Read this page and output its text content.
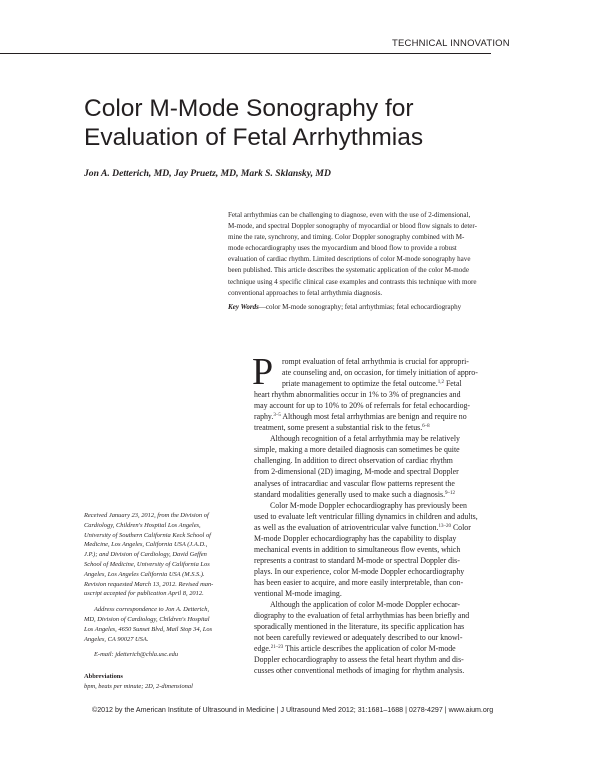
TECHNICAL INNOVATION
Color M-Mode Sonography for
Evaluation of Fetal Arrhythmias
Jon A. Detterich, MD, Jay Pruetz, MD, Mark S. Sklansky, MD
Fetal arrhythmias can be challenging to diagnose, even with the use of 2-dimensional,
M-mode, and spectral Doppler sonography of myocardial or blood flow signals to deter-
mine the rate, synchrony, and timing. Color Doppler sonography combined with M-
mode echocardiography uses the myocardium and blood flow to provide a robust
evaluation of cardiac rhythm. Limited descriptions of color M-mode sonography have
been published. This article describes the systematic application of the color M-mode
technique using 4 specific clinical case examples and contrasts this technique with more
conventional approaches to fetal arrhythmia diagnosis.
Key Words—color M-mode sonography; fetal arrhythmias; fetal echocardiography
P	rompt evaluation of fetal arrhythmia is crucial for appropri-
ate counseling and, on occasion, for timely initiation of appro-
priate management to optimize the fetal outcome.$^{1,2}$ Fetal
heart rhythm abnormalities occur in 1% to 3% of pregnancies and
may account for up to 10% to 20% of referrals for fetal echocardiog-
raphy.$^{3-5}$ Although most fetal arrhythmias are benign and require no
treatment, some present a substantial risk to the fetus.$^{6-8}$
Although recognition of a fetal arrhythmia may be relatively
simple, making a more detailed diagnosis can sometimes be quite
challenging. In addition to direct observation of cardiac rhythm
from 2-dimensional (2D) imaging, M-mode and spectral Doppler
analyses of intracardiac and vascular flow patterns represent the
standard modalities generally used to make such a diagnosis.$^{9-12}$
Color M-mode Doppler echocardiography has previously been
used to evaluate left ventricular filling dynamics in children and adults,
as well as the evaluation of atrioventricular valve function.$^{13-20}$ Color
M-mode Doppler echocardiography has the capability to display
mechanical events in addition to simultaneous flow events, which
represents a contrast to standard M-mode or spectral Doppler dis-
plays. In our experience, color M-mode Doppler echocardiography
has been easier to acquire, and more easily interpretable, than con-
ventional M-mode imaging.
Although the application of color M-mode Doppler echocar-
diography to the evaluation of fetal arrhythmias has been briefly and
sporadically mentioned in the literature, its specific application has
not been carefully reviewed or adequately described to our knowl-
edge.$^{21-23}$ This article describes the application of color M-mode
Doppler echocardiography to assess the fetal heart rhythm and dis-
cusses other conventional methods of imaging for rhythm analysis.
Received January 23, 2012, from the Division of
Cardiology, Children's Hospital Los Angeles,
University of Southern California Keck School of
Medicine, Los Angeles, California USA (J.A.D.,
J.P.); and Division of Cardiology, David Geffen
School of Medicine, University of California Los
Angeles, Los Angeles California USA (M.S.S.).
Revision requested March 13, 2012. Revised man-
uscript accepted for publication April 8, 2012.
Address correspondence to Jon A. Detterich,
MD, Division of Cardiology, Children's Hospital
Los Angeles, 4650 Sunset Blvd, Mail Stop 34, Los
Angeles, CA 90027 USA.
E-mail: jdetterich@chla.usc.edu
Abbreviations
bpm, beats per minute; 2D, 2-dimensional
©2012 by the American Institute of Ultrasound in Medicine | J Ultrasound Med 2012; 31:1681–1688 | 0278-4297 | www.aium.org
